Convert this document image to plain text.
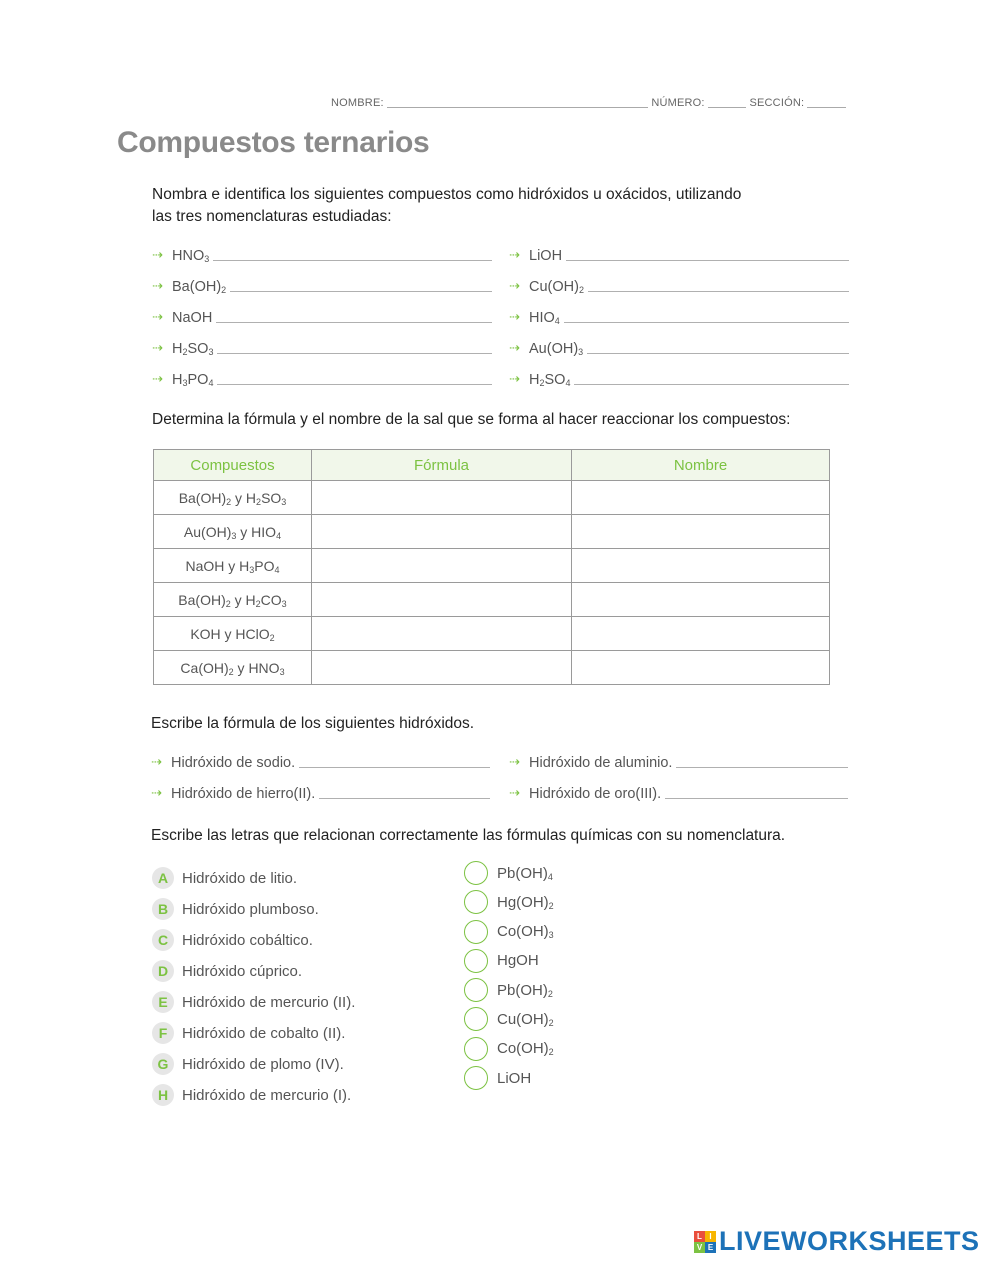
NOMBRE:	NÚMERO:	SECCIÓN:
Compuestos ternarios
Nombra e identifica los siguientes compuestos como hidróxidos u oxácidos, utilizando
las tres nomenclaturas estudiadas:
⇢ $HNO_3$
⇢ $Ba(OH)_2$
⇢ NaOH
⇢ $H_2SO_3$
⇢ $H_3PO_4$
⇢ LiOH
⇢ $Cu(OH)_2$
⇢ $HIO_4$
⇢ $Au(OH)_3$
⇢ $H_2SO_4$
Determina la fórmula y el nombre de la sal que se forma al hacer reaccionar los compuestos:
Compuestos	Fórmula	Nombre
$Ba(OH)_2$ y $H_2SO_3$		
$Au(OH)_3$ y $HIO_4$		
NaOH y $H_3PO_4$		
$Ba(OH)_2$ y $H_2CO_3$		
KOH y HClO$_2$		
$Ca(OH)_2$ y $HNO_3$		
Escribe la fórmula de los siguientes hidróxidos.
⇢ Hidróxido de sodio.	⇢ Hidróxido de aluminio.
⇢ Hidróxido de hierro(II).	⇢ Hidróxido de oro(III).
Escribe las letras que relacionan correctamente las fórmulas químicas con su nomenclatura.
A Hidróxido de litio.
B Hidróxido plumboso.
C Hidróxido cobáltico.
D Hidróxido cúprico.
E Hidróxido de mercurio (II).
F Hidróxido de cobalto (II).
G Hidróxido de plomo (IV).
H Hidróxido de mercurio (I).
$Pb(OH)_4$
$Hg(OH)_2$
$Co(OH)_3$
HgOH
$Pb(OH)_2$
$Cu(OH)_2$
$Co(OH)_2$
LiOH
L I
V E LIVEWORKSHEETS
